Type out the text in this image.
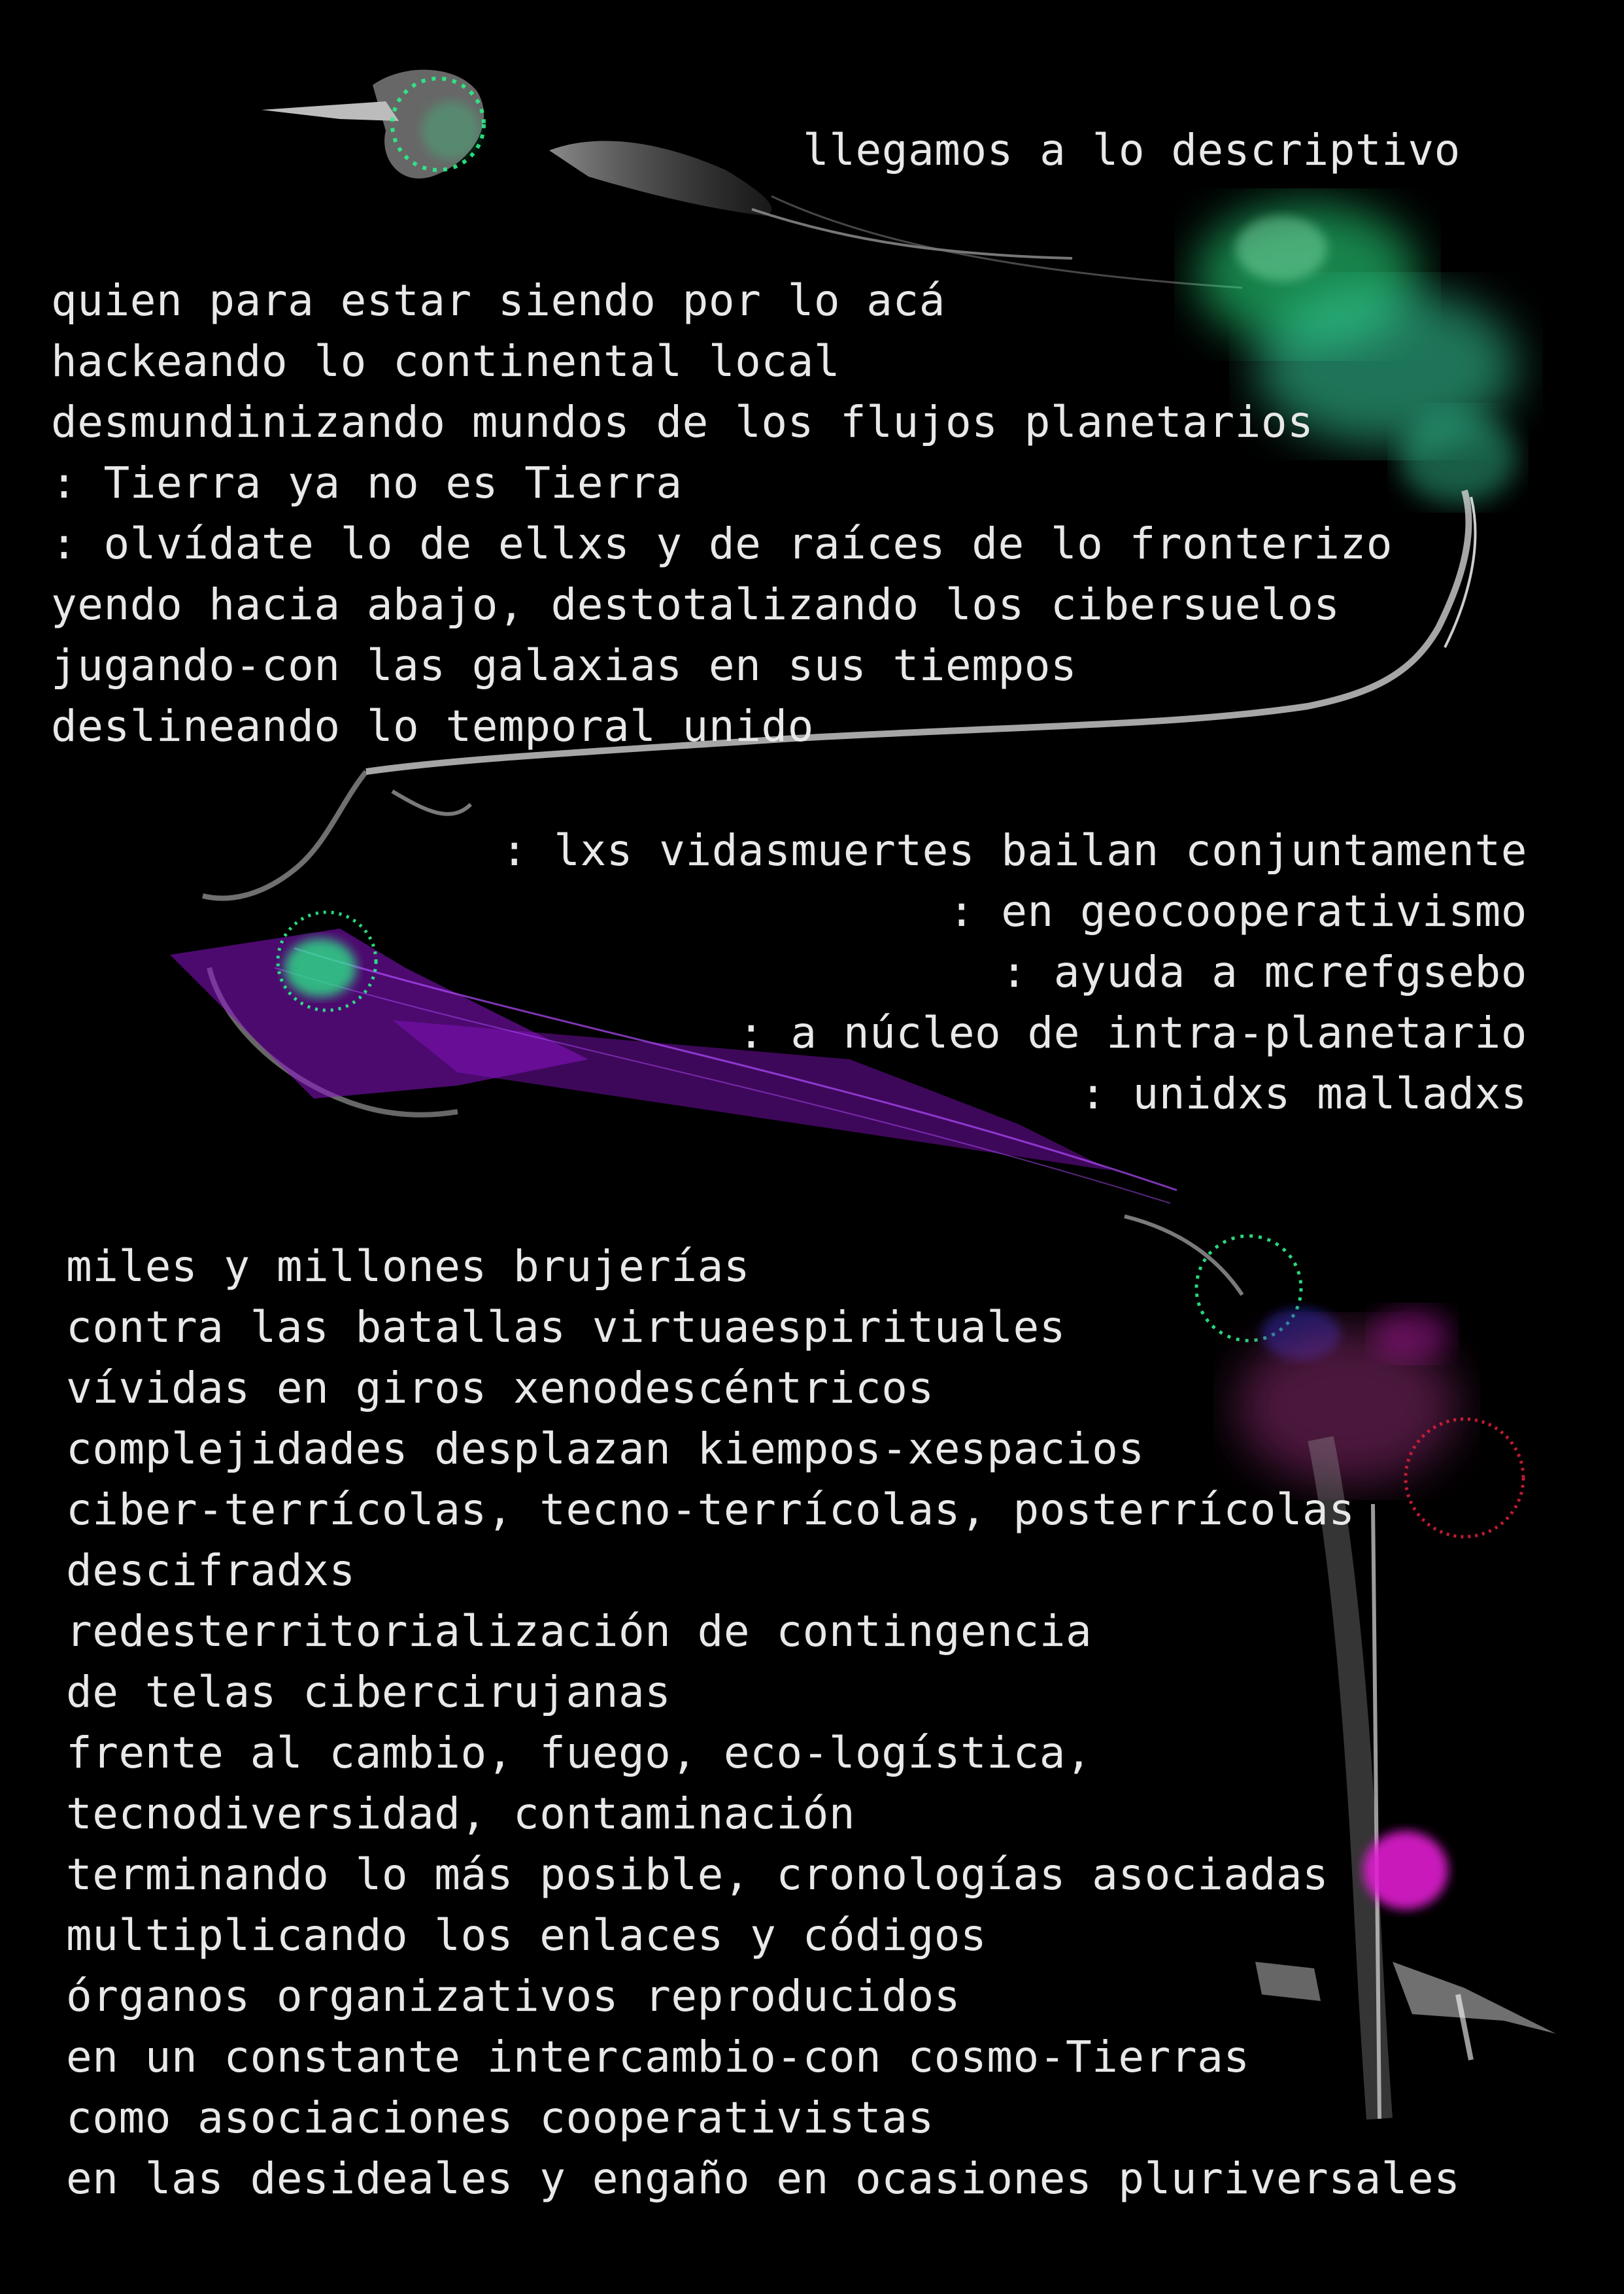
llegamos a lo descriptivo

quien para estar siendo por lo acá
hackeando lo continental local
desmundinizando mundos de los flujos planetarios
: Tierra ya no es Tierra
: olvídate lo de ellxs y de raíces de lo fronterizo
yendo hacia abajo, destotalizando los cibersuelos
jugando-con las galaxias en sus tiempos
deslineando lo temporal unido
: lxs vidasmuertes bailan conjuntamente
: en geocooperativismo
: ayuda a mcrefgsebo
: a núcleo de intra-planetario
: unidxs malladxs
miles y millones brujerías
contra las batallas virtuaespirituales
vívidas en giros xenodescéntricos
complejidades desplazan kiempos-xespacios
ciber-terrícolas, tecno-terrícolas, posterrícolas
descifradxs
redesterritorialización de contingencia
de telas cibercirujanas
frente al cambio, fuego, eco-logística,
tecnodiversidad, contaminación
terminando lo más posible, cronologías asociadas
multiplicando los enlaces y códigos
órganos organizativos reproducidos
en un constante intercambio-con cosmo-Tierras
como asociaciones cooperativistas
en las desideales y engaño en ocasiones pluriversales
